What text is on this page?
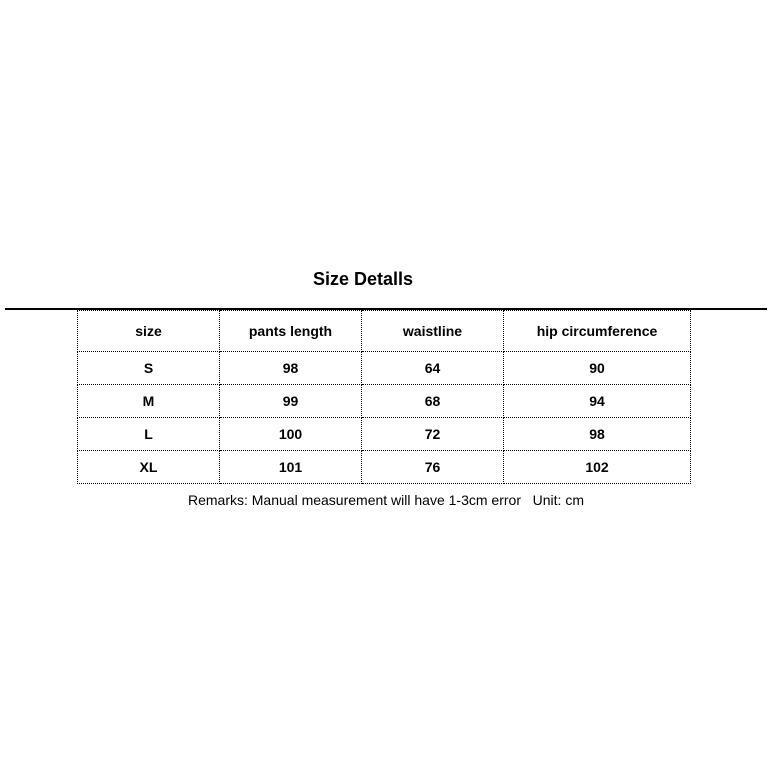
Size Detalls
size	pants length	waistline	hip circumference
S	98	64	90
M	99	68	94
L	100	72	98
XL	101	76	102
Remarks: Manual measurement will have 1-3cm error   Unit: cm
